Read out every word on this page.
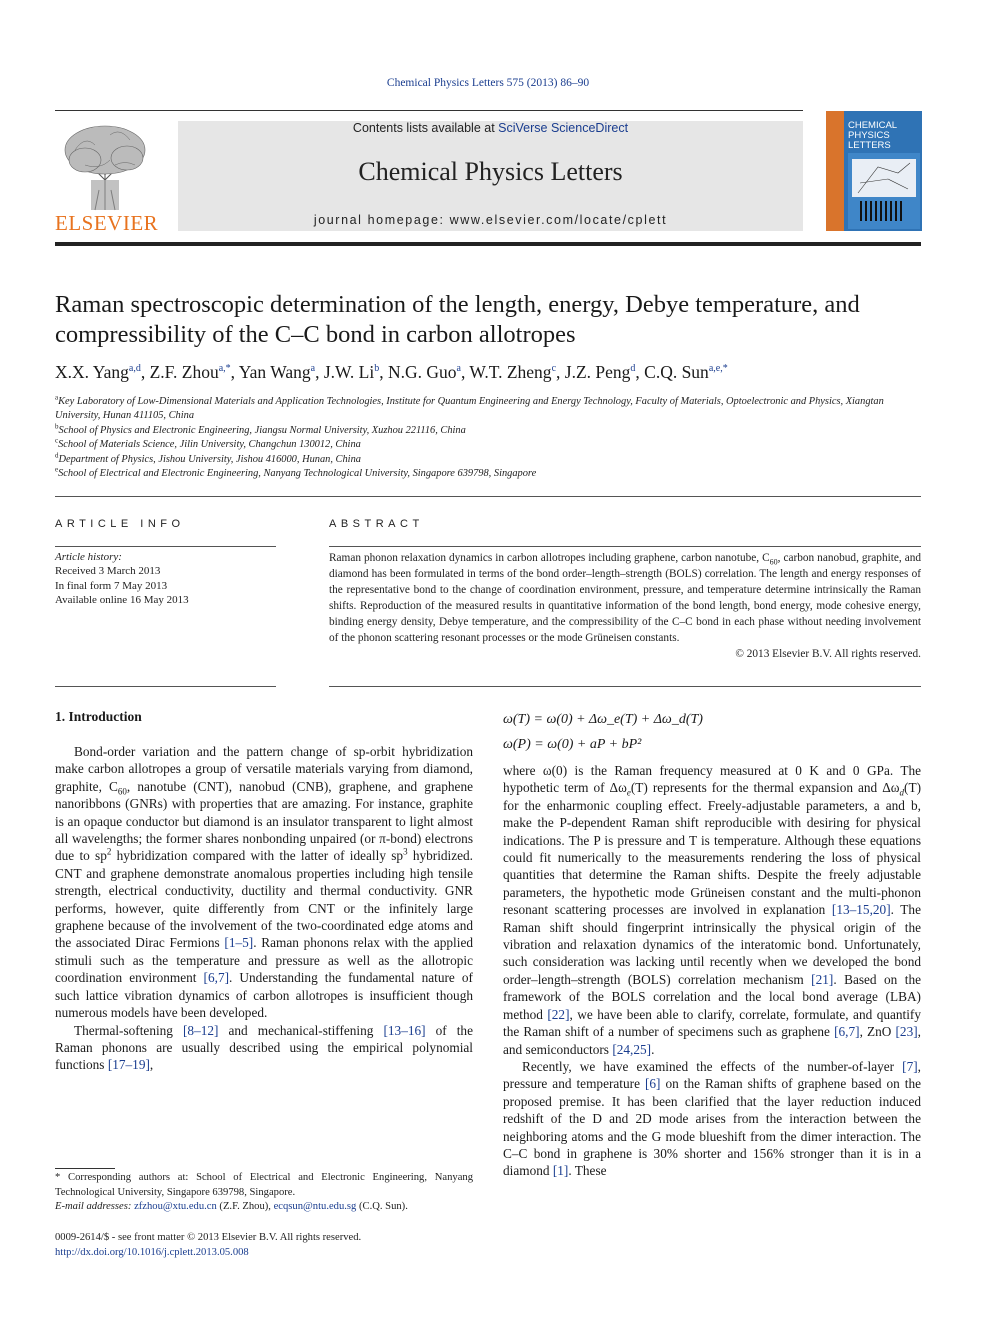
Chemical Physics Letters 575 (2013) 86–90
ELSEVIER
Contents lists available at SciVerse ScienceDirect
Chemical Physics Letters
journal homepage: www.elsevier.com/locate/cplett
CHEMICAL
PHYSICS
LETTERS
Raman spectroscopic determination of the length, energy, Debye temperature, and compressibility of the C–C bond in carbon allotropes
X.X. Yang$^{a,d}$, Z.F. Zhou$^{a,*}$, Yan Wang$^a$, J.W. Li$^b$, N.G. Guo$^a$, W.T. Zheng$^c$, J.Z. Peng$^d$, C.Q. Sun$^{a,e,*}$
$^a$Key Laboratory of Low-Dimensional Materials and Application Technologies, Institute for Quantum Engineering and Energy Technology, Faculty of Materials, Optoelectronic and Physics, Xiangtan University, Hunan 411105, China
$^b$School of Physics and Electronic Engineering, Jiangsu Normal University, Xuzhou 221116, China
$^c$School of Materials Science, Jilin University, Changchun 130012, China
$^d$Department of Physics, Jishou University, Jishou 416000, Hunan, China
$^e$School of Electrical and Electronic Engineering, Nanyang Technological University, Singapore 639798, Singapore
ARTICLE INFO	ABSTRACT
Article history:
Received 3 March 2013
In final form 7 May 2013
Available online 16 May 2013
Raman phonon relaxation dynamics in carbon allotropes including graphene, carbon nanotube, $C_{60}$, carbon nanobud, graphite, and diamond has been formulated in terms of the bond order–length–strength (BOLS) correlation. The length and energy responses of the representative bond to the change of coordination environment, pressure, and temperature determine intrinsically the Raman shifts. Reproduction of the measured results in quantitative information of the bond length, bond energy, mode cohesive energy, binding energy density, Debye temperature, and the compressibility of the C–C bond in each phase without needing involvement of the phonon scattering resonant processes or the mode Grüneisen constants.
© 2013 Elsevier B.V. All rights reserved.
1. Introduction

Bond-order variation and the pattern change of sp-orbit hybridization make carbon allotropes a group of versatile materials varying from diamond, graphite, $C_{60}$, nanotube (CNT), nanobud (CNB), graphene, and graphene nanoribbons (GNRs) with properties that are amazing. For instance, graphite is an opaque conductor but diamond is an insulator transparent to light almost all wavelengths; the former shares nonbonding unpaired (or π-bond) electrons due to $sp^2$ hybridization compared with the latter of ideally $sp^3$ hybridized. CNT and graphene demonstrate anomalous properties including high tensile strength, electrical conductivity, ductility and thermal conductivity. GNR performs, however, quite differently from CNT or the infinitely large graphene because of the involvement of the two-coordinated edge atoms and the associated Dirac Fermions [1–5]. Raman phonons relax with the applied stimuli such as the temperature and pressure as well as the allotropic coordination environment [6,7]. Understanding the fundamental nature of such lattice vibration dynamics of carbon allotropes is insufficient though numerous models have been developed.

Thermal-softening [8–12] and mechanical-stiffening [13–16] of the Raman phonons are usually described using the empirical polynomial functions [17–19],

ω(T) = ω(0) + Δω_e(T) + Δω_d(T)
ω(P) = ω(0) + aP + bP²

where ω(0) is the Raman frequency measured at 0 K and 0 GPa. The hypothetic term of $\Delta\omega_e(T)$ represents for the thermal expansion and $\Delta\omega_d(T)$ for the enharmonic coupling effect. Freely-adjustable parameters, a and b, make the P-dependent Raman shift reproducible with desiring for physical indications. The P is pressure and T is temperature. Although these equations could fit numerically to the measurements rendering the loss of physical quantities that determine the Raman shifts. Despite the freely adjustable parameters, the hypothetic mode Grüneisen constant and the multi-phonon resonant scattering processes are involved in explanation [13–15,20]. The Raman shift should fingerprint intrinsically the physical origin of the vibration and relaxation dynamics of the interatomic bond. Unfortunately, such consideration was lacking until recently when we developed the bond order–length–strength (BOLS) correlation mechanism [21]. Based on the framework of the BOLS correlation and the local bond average (LBA) method [22], we have been able to clarify, correlate, formulate, and quantify the Raman shift of a number of specimens such as graphene [6,7], ZnO [23], and semiconductors [24,25].

Recently, we have examined the effects of the number-of-layer [7], pressure and temperature [6] on the Raman shifts of graphene based on the proposed premise. It has been clarified that the layer reduction induced redshift of the D and 2D mode arises from the interaction between the neighboring atoms and the G mode blueshift from the dimer interaction. The C–C bond in graphene is 30% shorter and 156% stronger than it is in a diamond [1]. These

* Corresponding authors at: School of Electrical and Electronic Engineering, Nanyang Technological University, Singapore 639798, Singapore.
E-mail addresses: zfzhou@xtu.edu.cn (Z.F. Zhou), ecqsun@ntu.edu.sg (C.Q. Sun).
0009-2614/$ - see front matter © 2013 Elsevier B.V. All rights reserved.
http://dx.doi.org/10.1016/j.cplett.2013.05.008
